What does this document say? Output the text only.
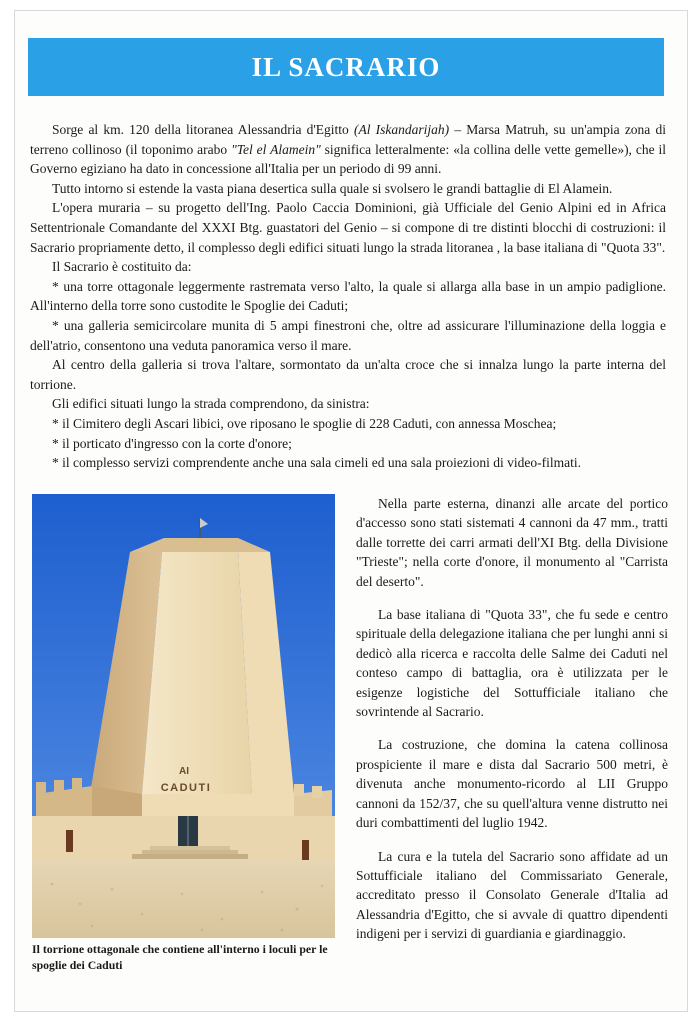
IL SACRARIO

Sorge al km. 120 della litoranea Alessandria d'Egitto (Al Iskandarijah) – Marsa Matruh, su un'ampia zona di terreno collinoso (il toponimo arabo "Tel el Alamein" significa letteralmente: «la collina delle vette gemelle»), che il Governo egiziano ha dato in concessione all'Italia per un periodo di 99 anni.

Tutto intorno si estende la vasta piana desertica sulla quale si svolsero le grandi battaglie di El Alamein.

L'opera muraria – su progetto dell'Ing. Paolo Caccia Dominioni, già Ufficiale del Genio Alpini ed in Africa Settentrionale Comandante del XXXI Btg. guastatori del Genio – si compone di tre distinti blocchi di costruzioni: il Sacrario propriamente detto, il complesso degli edifici situati lungo la strada litoranea , la base italiana di "Quota 33".

Il Sacrario è costituito da:

* una torre ottagonale leggermente rastremata verso l'alto, la quale si allarga alla base in un ampio padiglione. All'interno della torre sono custodite le Spoglie dei Caduti;

* una galleria semicircolare munita di 5 ampi finestroni che, oltre ad assicurare l'illuminazione della loggia e dell'atrio, consentono una veduta panoramica verso il mare.

Al centro della galleria si trova l'altare, sormontato da un'alta croce che si innalza lungo la parte interna del torrione.

Gli edifici situati lungo la strada comprendono, da sinistra:

* il Cimitero degli Ascari libici, ove riposano le spoglie di 228 Caduti, con annessa Moschea;

* il porticato d'ingresso con la corte d'onore;

* il complesso servizi comprendente anche una sala cimeli ed una sala proiezioni di video-filmati.

AI
CADUTI
Il torrione ottagonale che contiene all'interno i loculi per le spoglie dei Caduti

Nella parte esterna, dinanzi alle arcate del portico d'accesso sono stati sistemati 4 cannoni da 47 mm., tratti dalle torrette dei carri armati dell'XI Btg. della Divisione "Trieste"; nella corte d'onore, il monumento al "Carrista del deserto".

La base italiana di "Quota 33", che fu sede e centro spirituale della delegazione italiana che per lunghi anni si dedicò alla ricerca e raccolta delle Salme dei Caduti nel conteso campo di battaglia, ora è utilizzata per le esigenze logistiche del Sottufficiale italiano che sovrintende al Sacrario.

La costruzione, che domina la catena collinosa prospiciente il mare e dista dal Sacrario 500 metri, è divenuta anche monumento-ricordo al LII Gruppo cannoni da 152/37, che su quell'altura venne distrutto nei duri combattimenti del luglio 1942.

La cura e la tutela del Sacrario sono affidate ad un Sottufficiale italiano del Commissariato Generale, accreditato presso il Consolato Generale d'Italia ad Alessandria d'Egitto, che si avvale di quattro dipendenti indigeni per i servizi di guardiania e giardinaggio.
